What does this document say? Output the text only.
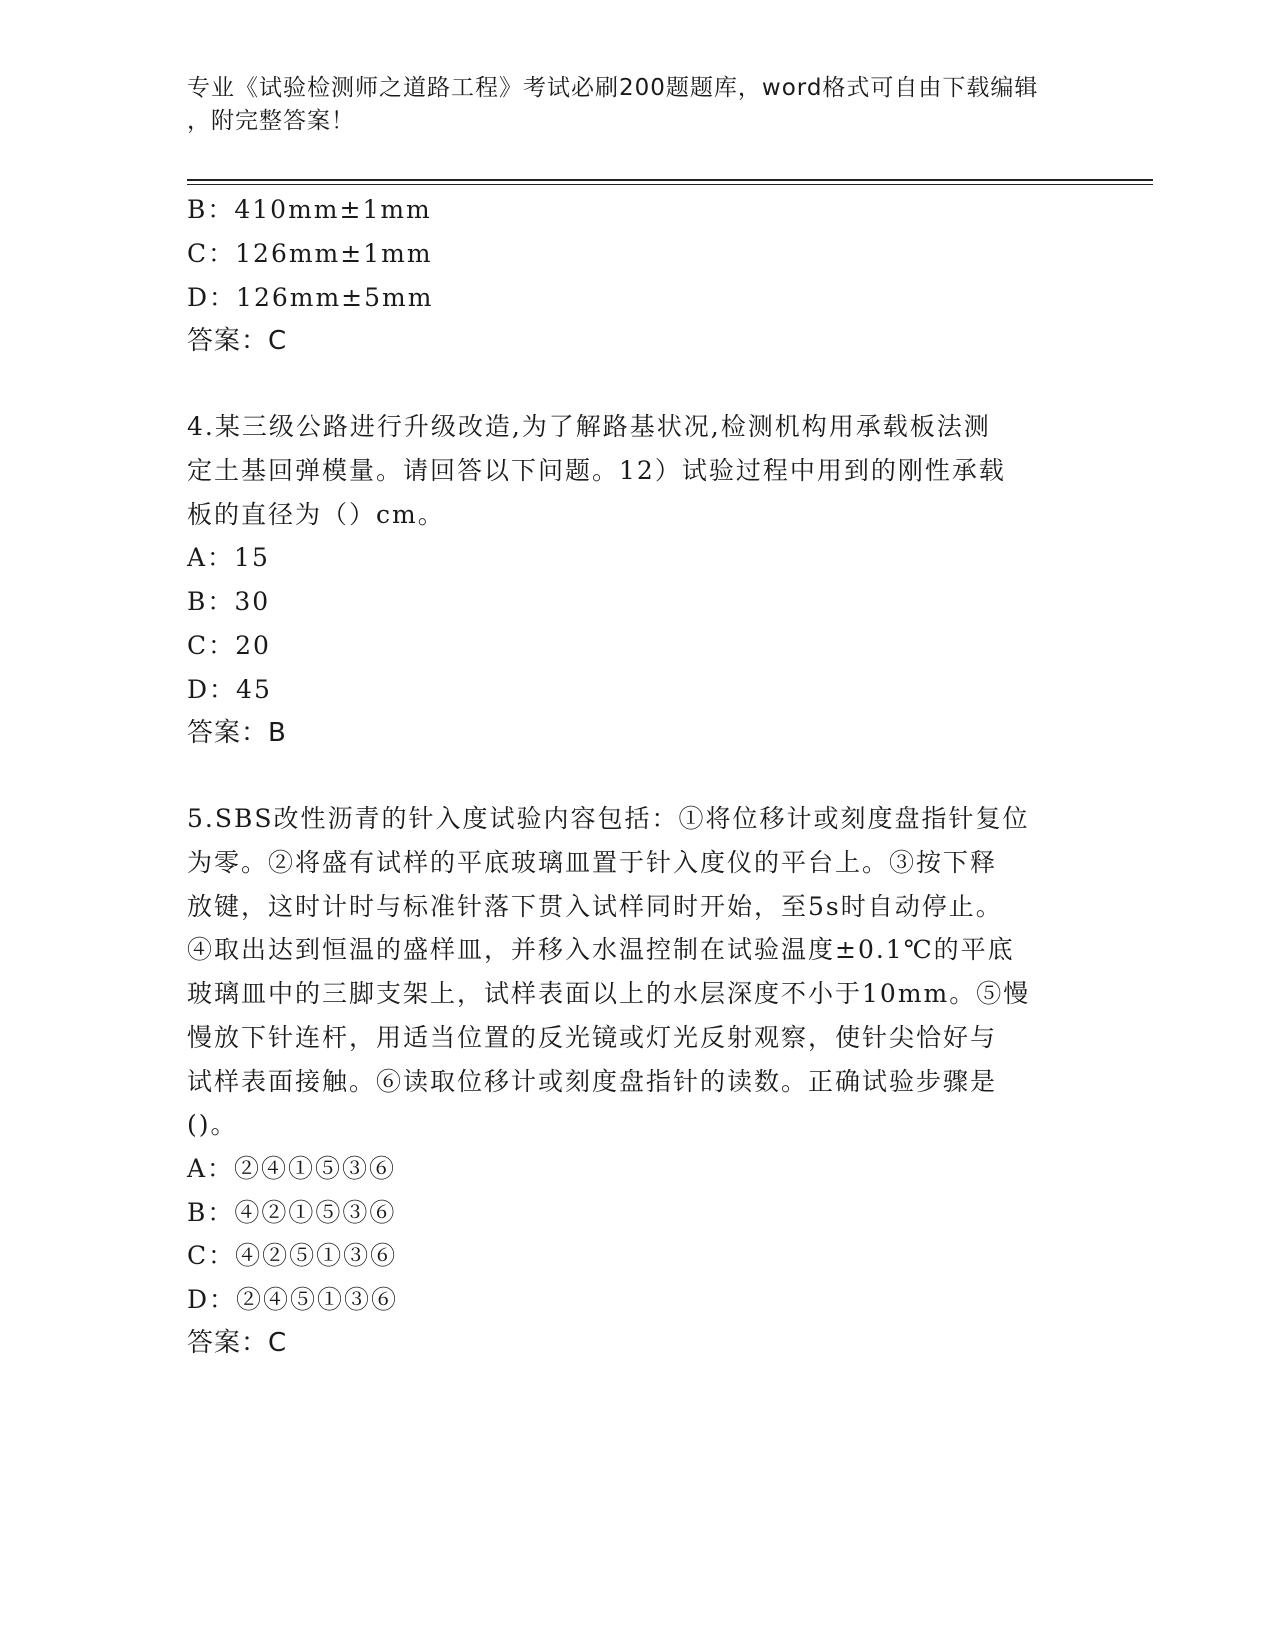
专业《试验检测师之道路工程》考试必刷200题题库，word格式可自由下载编辑
，附完整答案！
B：410mm±1mm
C：126mm±1mm
D：126mm±5mm
答案：C
4.某三级公路进行升级改造,为了解路基状况,检测机构用承载板法测
定土基回弹模量。请回答以下问题。12）试验过程中用到的刚性承载
板的直径为（）cm。
A：15
B：30
C：20
D：45
答案：B
5.SBS改性沥青的针入度试验内容包括：①将位移计或刻度盘指针复位
为零。②将盛有试样的平底玻璃皿置于针入度仪的平台上。③按下释
放键，这时计时与标准针落下贯入试样同时开始，至5s时自动停止。
④取出达到恒温的盛样皿，并移入水温控制在试验温度±0.1℃的平底
玻璃皿中的三脚支架上，试样表面以上的水层深度不小于10mm。⑤慢
慢放下针连杆，用适当位置的反光镜或灯光反射观察，使针尖恰好与
试样表面接触。⑥读取位移计或刻度盘指针的读数。正确试验步骤是
()。
A：②④①⑤③⑥
B：④②①⑤③⑥
C：④②⑤①③⑥
D：②④⑤①③⑥
答案：C
